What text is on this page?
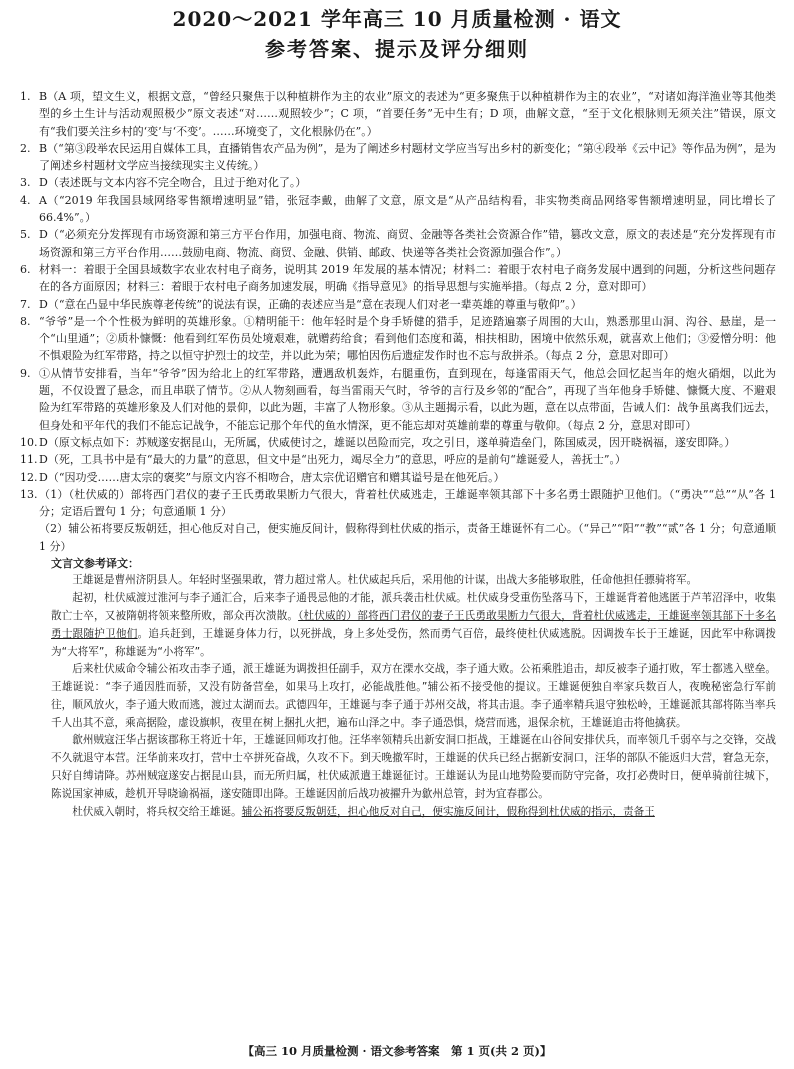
2020～2021 学年高三 10 月质量检测 · 语文
参考答案、提示及评分细则
1. B（A 项，望文生义，根据文意，“曾经只聚焦于以种植耕作为主的农业”原文的表述为“更多聚焦于以种植耕作为主的农业”，“对诸如海洋渔业等其他类型的乡土生计与活动观照极少”原文表述“对……观照较少”；C 项，“首要任务”无中生有；D 项，曲解文意，“至于文化根脉则无须关注”错误，原文有“我们要关注乡村的‘变’与‘不变’。……环境变了，文化根脉仍在”。）
2. B（“第③段举农民运用自媒体工具，直播销售农产品为例”，是为了阐述乡村题材文学应当写出乡村的新变化；“第④段举《云中记》等作品为例”，是为了阐述乡村题材文学应当接续现实主义传统。）
3. D（表述既与文本内容不完全吻合，且过于绝对化了。）
4. A（“2019 年我国县域网络零售额增速明显”错，张冠李戴，曲解了文意，原文是“从产品结构看，非实物类商品网络零售额增速明显，同比增长了 66.4%”。）
5. D（“必须充分发挥现有市场资源和第三方平台作用，加强电商、物流、商贸、金融等各类社会资源合作”错，篡改文意，原文的表述是“充分发挥现有市场资源和第三方平台作用……鼓励电商、物流、商贸、金融、供销、邮政、快递等各类社会资源加强合作”。）
6. 材料一：着眼于全国县域数字农业农村电子商务，说明其 2019 年发展的基本情况；材料二：着眼于农村电子商务发展中遇到的问题，分析这些问题存在的各方面原因；材料三：着眼于农村电子商务加速发展，明确《指导意见》的指导思想与实施举措。（每点 2 分，意对即可）
7. D（“意在凸显中华民族尊老传统”的说法有误，正确的表述应当是“意在表现人们对老一辈英雄的尊重与敬仰”。）
8. “爷爷”是一个个性极为鲜明的英雄形象。①精明能干：他年轻时是个身手矫健的猎手，足迹踏遍寨子周围的大山，熟悉那里山洞、沟谷、悬崖，是一个“山里通”；②质朴慷慨：他看到红军伤员处境艰难，就赠药给食；看到他们态度和蔼，相扶相助，困境中依然乐观，就喜欢上他们；③爱憎分明：他不惧艰险为红军带路，持之以恒守护烈士的坟茔，并以此为荣；哪怕因伤后遗症发作时也不忘与敌拼杀。（每点 2 分，意思对即可）
9. ①从情节安排看，当年“爷爷”因为给北上的红军带路，遭遇敌机轰炸，右腿重伤，直到现在，每逢雷雨天气，他总会回忆起当年的炮火硝烟，以此为题，不仅设置了悬念，而且串联了情节。②从人物刻画看，每当雷雨天气时，爷爷的言行及乡邻的“配合”，再现了当年他身手矫健、慷慨大度、不避艰险为红军带路的英雄形象及人们对他的景仰，以此为题，丰富了人物形象。③从主题揭示看，以此为题，意在以点带面，告诫人们：战争虽离我们远去，但身处和平年代的我们不能忘记战争，不能忘记那个年代的鱼水情深，更不能忘却对英雄前辈的尊重与敬仰。（每点 2 分，意思对即可）
10. D（原文标点如下：苏贼遂安据昆山，无所属，伏威使讨之，雄诞以邑险而完，攻之引日，遂单骑造垒门，陈国威灵，因开晓祸福，遂安即降。）
11. D（死，工具书中是有“最大的力量”的意思，但文中是“出死力，竭尽全力”的意思，呼应的是前句“雄诞爱人，善抚士”。）
12. D（“因功受……唐太宗的褒奖”与原文内容不相吻合，唐太宗优诏赠官和赠其谥号是在他死后。）
13. （1）（杜伏威的）部将西门君仪的妻子王氏勇敢果断力气很大，背着杜伏威逃走，王雄诞率领其部下十多名勇士跟随护卫他们。（“勇决”“总”“从”各 1 分；定语后置句 1 分；句意通顺 1 分）
（2）辅公祏将要反叛朝廷，担心他反对自己，便实施反间计，假称得到杜伏威的指示，责备王雄诞怀有二心。（“异己”“阳”“教”“贰”各 1 分；句意通顺 1 分）
文言文参考译文：
王雄诞是曹州济阴县人。年轻时坚强果敢，膂力超过常人。杜伏威起兵后，采用他的计谋，出战大多能够取胜，任命他担任骠骑将军。
起初，杜伏威渡过淮河与李子通汇合，后来李子通畏忌他的才能，派兵袭击杜伏威。杜伏威身受重伤坠落马下，王雄诞背着他逃匿于芦苇沼泽中，收集散亡士卒，又被隋朝将领来整所败，部众再次溃散。（杜伏威的）部将西门君仪的妻子王氏勇敢果断力气很大，背着杜伏威逃走，王雄诞率领其部下十多名勇士跟随护卫他们。追兵赶到，王雄诞身体力行，以死拼战，身上多处受伤，然而勇气百倍，最终使杜伏威逃脱。因调拨车长于王雄诞，因此军中称调拨为“大将军”，称雄诞为“小将军”。
后来杜伏威命令辅公祏攻击李子通，派王雄诞为调拨担任副手，双方在溧水交战，李子通大败。公祏乘胜追击，却反被李子通打败，军士都逃入壁垒。王雄诞说：“李子通因胜而骄，又没有防备营垒，如果马上攻打，必能战胜他。”辅公祏不接受他的提议。王雄诞便独自率家兵数百人，夜晚秘密急行军前往，顺风放火，李子通大败而逃，渡过太湖而去。武德四年，王雄诞与李子通于苏州交战，将其击退。李子通率精兵退守独松岭，王雄诞派其部将陈当率兵千人出其不意，乘高据险，虚设旗帜，夜里在树上捆扎火把，遍布山泽之中。李子通恐惧，烧营而逃，退保余杭，王雄诞追击将他擒获。
歙州贼寇汪华占据该郡称王将近十年，王雄诞回师攻打他。汪华率领精兵出新安洞口拒战，王雄诞在山谷间安排伏兵，而率领几千弱卒与之交锋，交战不久就退守本营。汪华前来攻打，营中士卒拼死奋战，久攻不下。到天晚撤军时，王雄诞的伏兵已经占据新安洞口，汪华的部队不能返归大营，窘急无奈，只好自缚请降。苏州贼寇遂安占据昆山县，而无所归属，杜伏威派遣王雄诞征讨。王雄诞认为昆山地势险要而防守完备，攻打必费时日，便单骑前往城下，陈说国家神威，趁机开导晓谕祸福，遂安随即出降。王雄诞因前后战功被擢升为歙州总管，封为宜春郡公。
杜伏威入朝时，将兵权交给王雄诞。辅公祏将要反叛朝廷，担心他反对自己，便实施反间计，假称得到杜伏威的指示，责备王
【高三 10 月质量检测 · 语文参考答案　第 1 页(共 2 页)】
